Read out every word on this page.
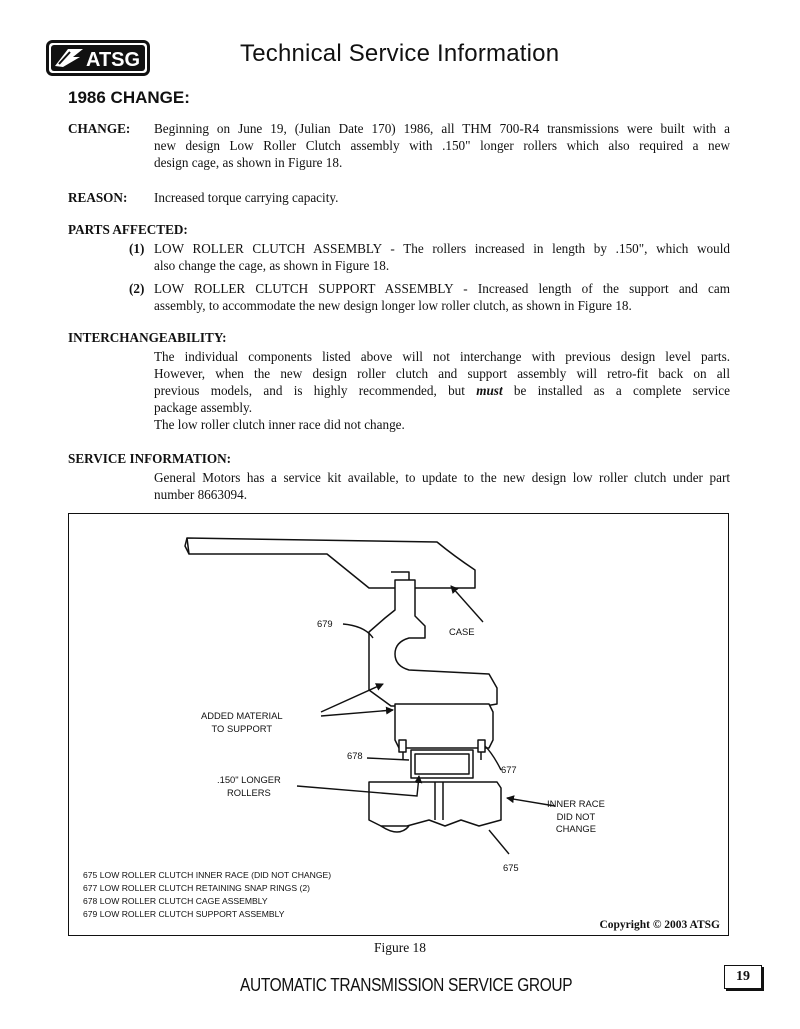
ATSG	Technical Service Information
1986 CHANGE:
CHANGE: Beginning on June 19, (Julian Date 170) 1986, all THM 700-R4 transmissions were built with a
new design Low Roller Clutch assembly with .150" longer rollers which also required a new
design cage, as shown in Figure 18.
REASON: Increased torque carrying capacity.
PARTS AFFECTED:
(1) LOW ROLLER CLUTCH ASSEMBLY - The rollers increased in length by .150", which would
also change the cage, as shown in Figure 18.
(2) LOW ROLLER CLUTCH SUPPORT ASSEMBLY - Increased length of the support and cam
assembly, to accommodate the new design longer low roller clutch, as shown in Figure 18.
INTERCHANGEABILITY:
The individual components listed above will not interchange with previous design level parts.
However, when the new design roller clutch and support assembly will retro-fit back on all
previous models, and is highly recommended, but must be installed as a complete service
package assembly.
The low roller clutch inner race did not change.
SERVICE INFORMATION:
General Motors has a service kit available, to update to the new design low roller clutch under part
number 8663094.
679
CASE
ADDED MATERIAL
TO SUPPORT
678
677
.150" LONGER
ROLLERS
INNER RACE
DID NOT
CHANGE
675
675 LOW ROLLER CLUTCH INNER RACE (DID NOT CHANGE)
677 LOW ROLLER CLUTCH RETAINING SNAP RINGS (2)
678 LOW ROLLER CLUTCH CAGE ASSEMBLY
679 LOW ROLLER CLUTCH SUPPORT ASSEMBLY
Copyright © 2003 ATSG
Figure 18
AUTOMATIC TRANSMISSION SERVICE GROUP	19
